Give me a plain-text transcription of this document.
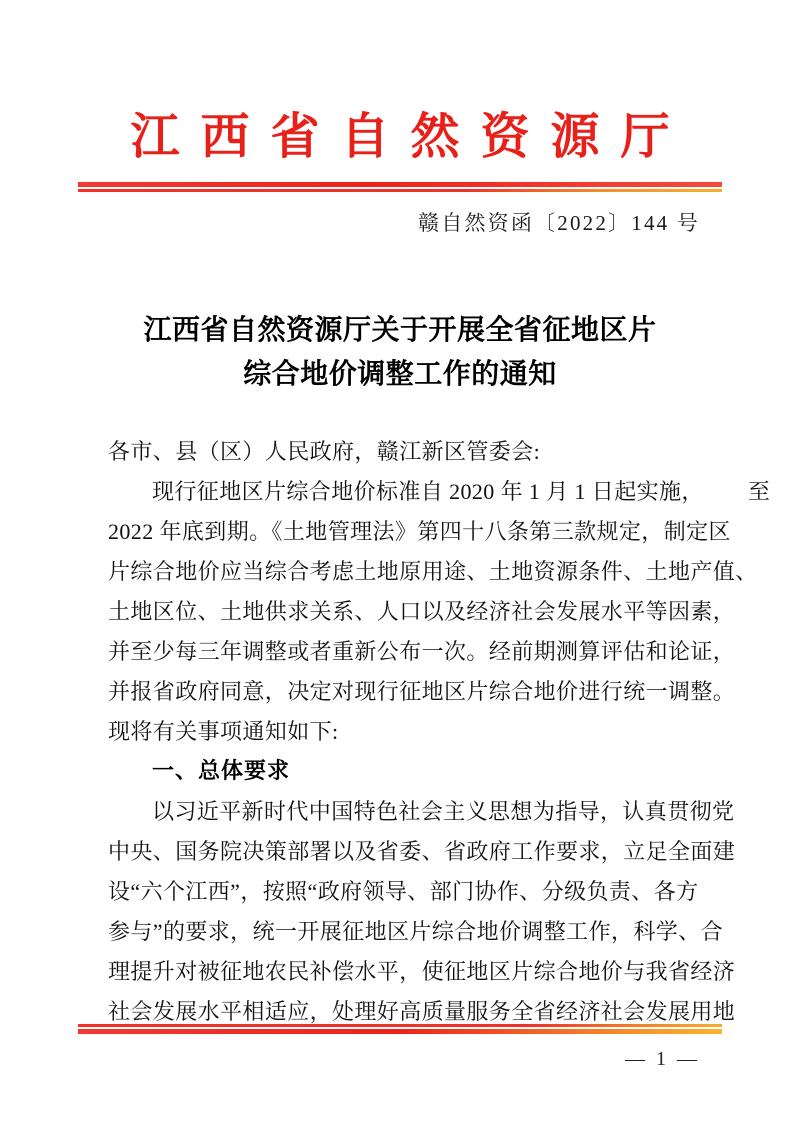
江西省自然资源厅
赣自然资函〔2022〕144 号
江西省自然资源厅关于开展全省征地区片
综合地价调整工作的通知
各市、县（区）人民政府，赣江新区管委会:
现行征地区片综合地价标准自 2020 年 1 月 1 日起实施，	至
2022 年底到期。《土地管理法》第四十八条第三款规定， 制定区
片综合地价应当综合考虑土地原用途、土地资源条件、 土地产值、
土地区位、土地供求关系、人口以及经济社会发展水平等因素，
并至少每三年调整或者重新公布一次。经前期测算评估和论证，
并报省政府同意，决定对现行征地区片综合地价进行统一调整。
现将有关事项通知如下:
一、总体要求
以习近平新时代中国特色社会主义思想为指导，认真贯彻党
中央、国务院决策部署以及省委、省政府工作要求， 立足全面建
设“六个江西”，按照“政府领导、部门协作、分级负责、 各方
参与”的要求，统一开展征地区片综合地价调整工作，科学、 合
理提升对被征地农民补偿水平，使征地区片综合地价与我省经济
社会发展水平相适应，处理好高质量服务全省经济社会发展用地
— 1 —
